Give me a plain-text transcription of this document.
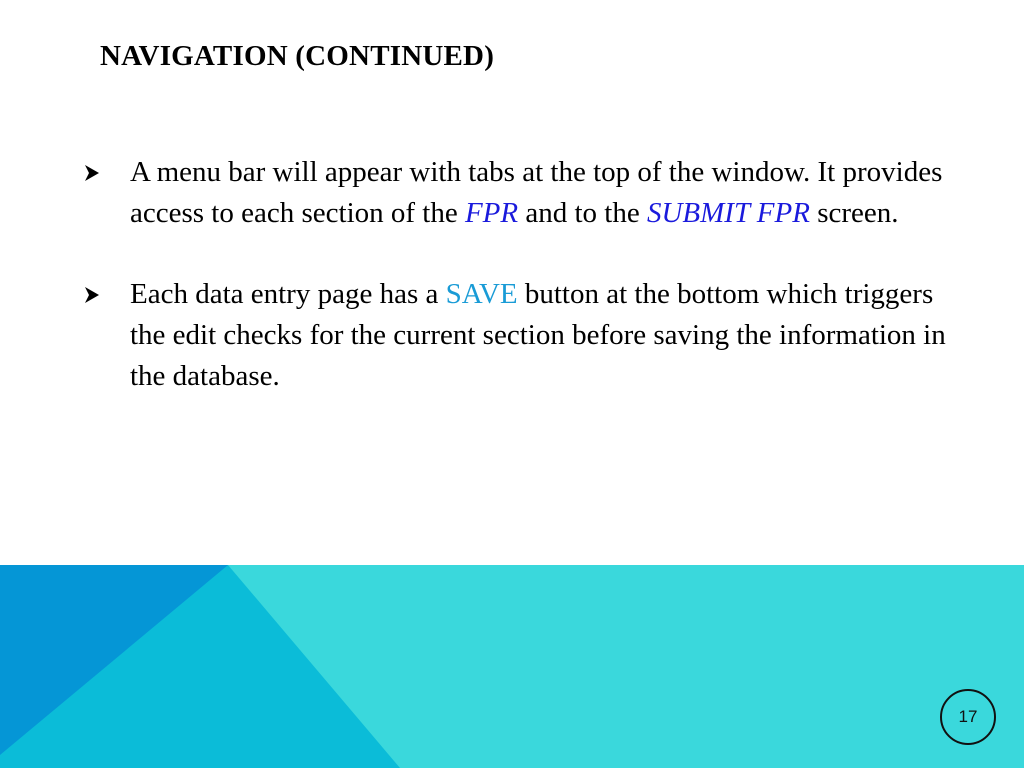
NAVIGATION (CONTINUED)
A menu bar will appear with tabs at the top of the window. It provides access to each section of the FPR and to the SUBMIT FPR screen.
Each data entry page has a SAVE button at the bottom which triggers the edit checks for the current section before saving the information in the database.
17
